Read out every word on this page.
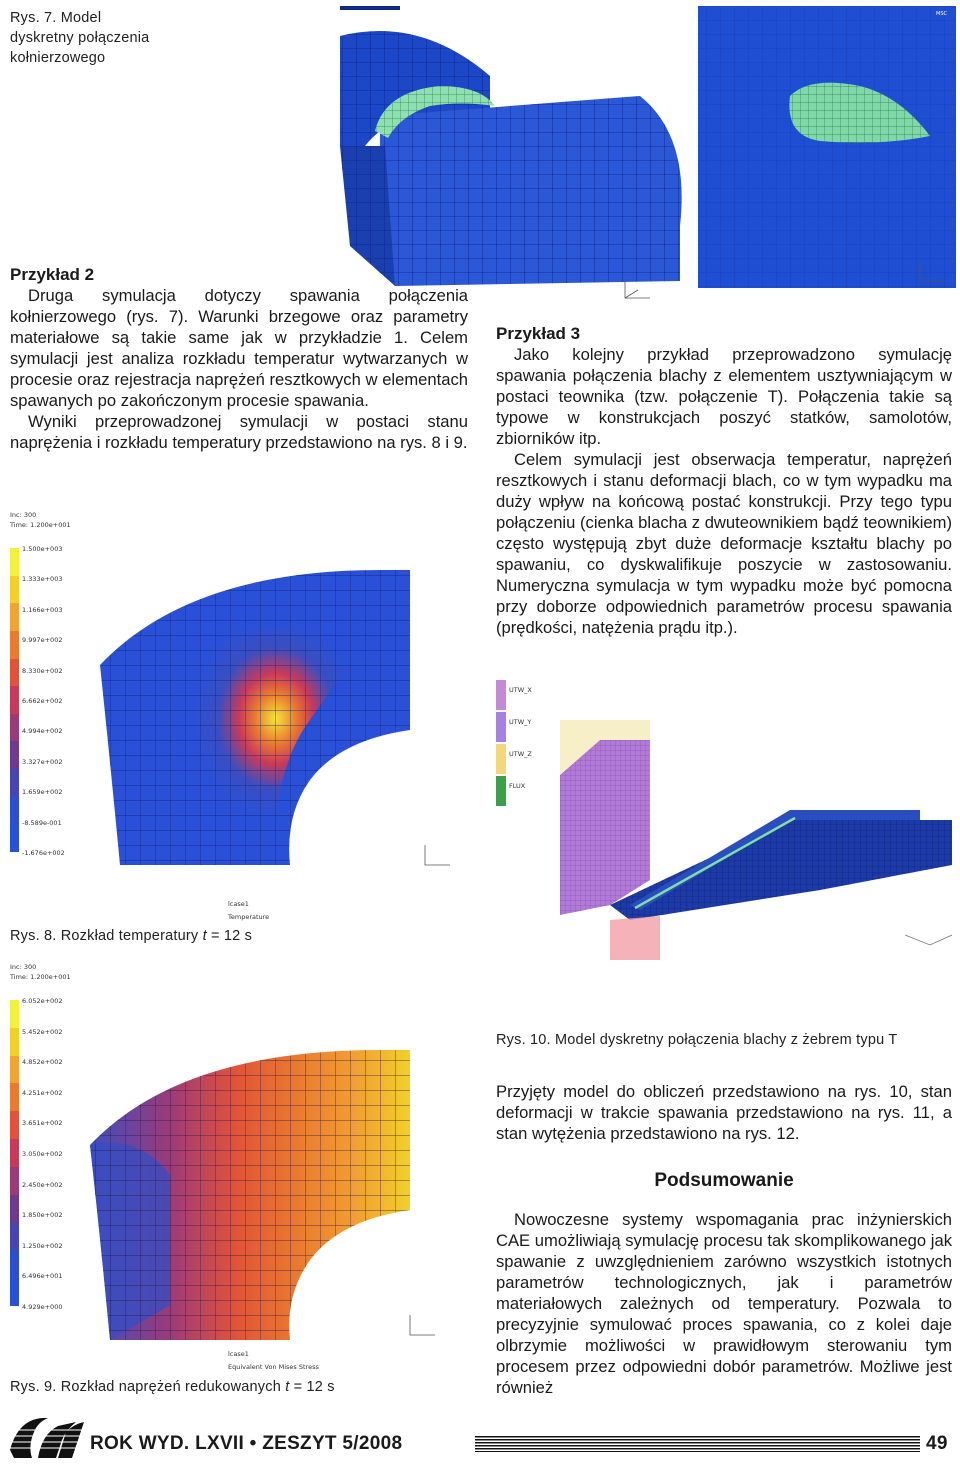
Rys. 7. Model dyskretny połączenia kołnierzowego
MSC

Przykład 2

Druga symulacja dotyczy spawania połączenia kołnierzowego (rys. 7). Warunki brzegowe oraz parametry materiałowe są takie same jak w przykładzie 1. Celem symulacji jest analiza rozkładu temperatur wytwarzanych w procesie oraz rejestracja naprężeń resztkowych w elementach spawanych po zakończonym procesie spawania.

Wyniki przeprowadzonej symulacji w postaci stanu naprężenia i rozkładu temperatury przedstawiono na rys. 8 i 9.

Inc: 300
Time: 1.200e+001
1.500e+003
1.333e+003
1.166e+003
9.997e+002
8.330e+002
6.662e+002
4.994e+002
3.327e+002
1.659e+002
-8.589e-001
-1.676e+002
lcase1
Temperature
Rys. 8. Rozkład temperatury t = 12 s
Inc: 300
Time: 1.200e+001
6.052e+002
5.452e+002
4.852e+002
4.251e+002
3.651e+002
3.050e+002
2.450e+002
1.850e+002
1.250e+002
6.496e+001
4.929e+000
lcase1
Equivalent Von Mises Stress
Rys. 9. Rozkład naprężeń redukowanych t = 12 s

Przykład 3

Jako kolejny przykład przeprowadzono symulację spawania połączenia blachy z elementem usztywniającym w postaci teownika (tzw. połączenie T). Połączenia takie są typowe w konstrukcjach poszyć statków, samolotów, zbiorników itp.

Celem symulacji jest obserwacja temperatur, naprężeń resztkowych i stanu deformacji blach, co w tym wypadku ma duży wpływ na końcową postać konstrukcji. Przy tego typu połączeniu (cienka blacha z dwuteownikiem bądź teownikiem) często występują zbyt duże deformacje kształtu blachy po spawaniu, co dyskwalifikuje poszycie w zastosowaniu. Numeryczna symulacja w tym wypadku może być pomocna przy doborze odpowiednich parametrów procesu spawania (prędkości, natężenia prądu itp.).

UTW_X
UTW_Y
UTW_Z
FLUX
Rys. 10. Model dyskretny połączenia blachy z żebrem typu T

Przyjęty model do obliczeń przedstawiono na rys. 10, stan deformacji w trakcie spawania przedstawiono na rys. 11, a stan wytężenia przedstawiono na rys. 12.

Podsumowanie

Nowoczesne systemy wspomagania prac inżynierskich CAE umożliwiają symulację procesu tak skomplikowanego jak spawanie z uwzględnieniem zarówno wszystkich istotnych parametrów technologicznych, jak i parametrów materiałowych zależnych od temperatury. Pozwala to precyzyjnie symulować proces spawania, co z kolei daje olbrzymie możliwości w prawidłowym sterowaniu tym procesem przez odpowiedni dobór parametrów. Możliwe jest również

ROK WYD. LXVII • ZESZYT 5/2008	49
